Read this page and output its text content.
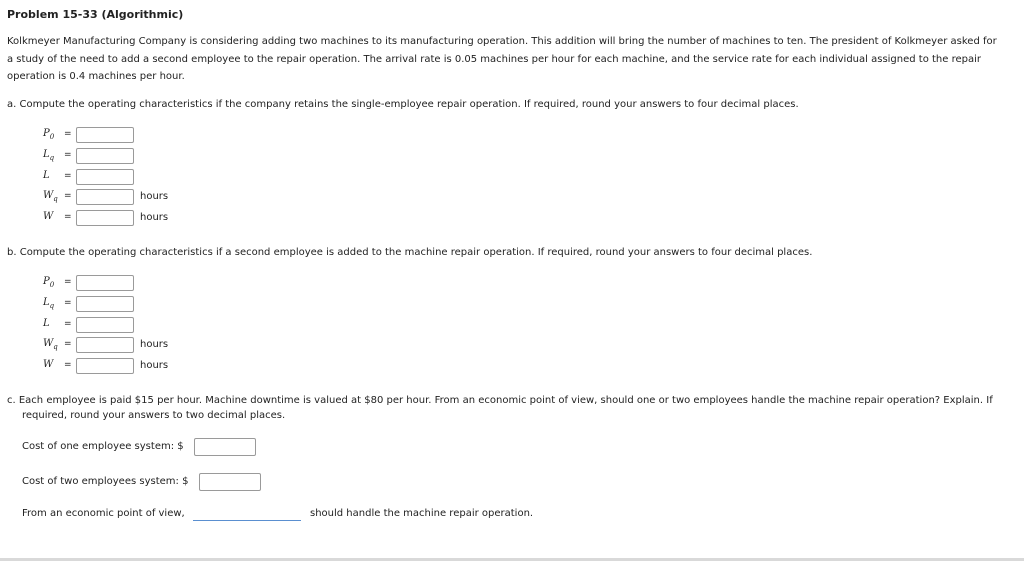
Problem 15-33 (Algorithmic)
Kolkmeyer Manufacturing Company is considering adding two machines to its manufacturing operation. This addition will bring the number of machines to ten. The president of Kolkmeyer asked for
a study of the need to add a second employee to the repair operation. The arrival rate is 0.05 machines per hour for each machine, and the service rate for each individual assigned to the repair
operation is 0.4 machines per hour.
a. Compute the operating characteristics if the company retains the single-employee repair operation. If required, round your answers to four decimal places.
$P_0$ =
$L_q$ =
L =
$W_q$ =	hours
W =	hours
b. Compute the operating characteristics if a second employee is added to the machine repair operation. If required, round your answers to four decimal places.
$P_0$ =
$L_q$ =
L =
$W_q$ =	hours
W =	hours
c. Each employee is paid $15 per hour. Machine downtime is valued at $80 per hour. From an economic point of view, should one or two employees handle the machine repair operation? Explain. If
required, round your answers to two decimal places.
Cost of one employee system: $
Cost of two employees system: $
From an economic point of view,	should handle the machine repair operation.
